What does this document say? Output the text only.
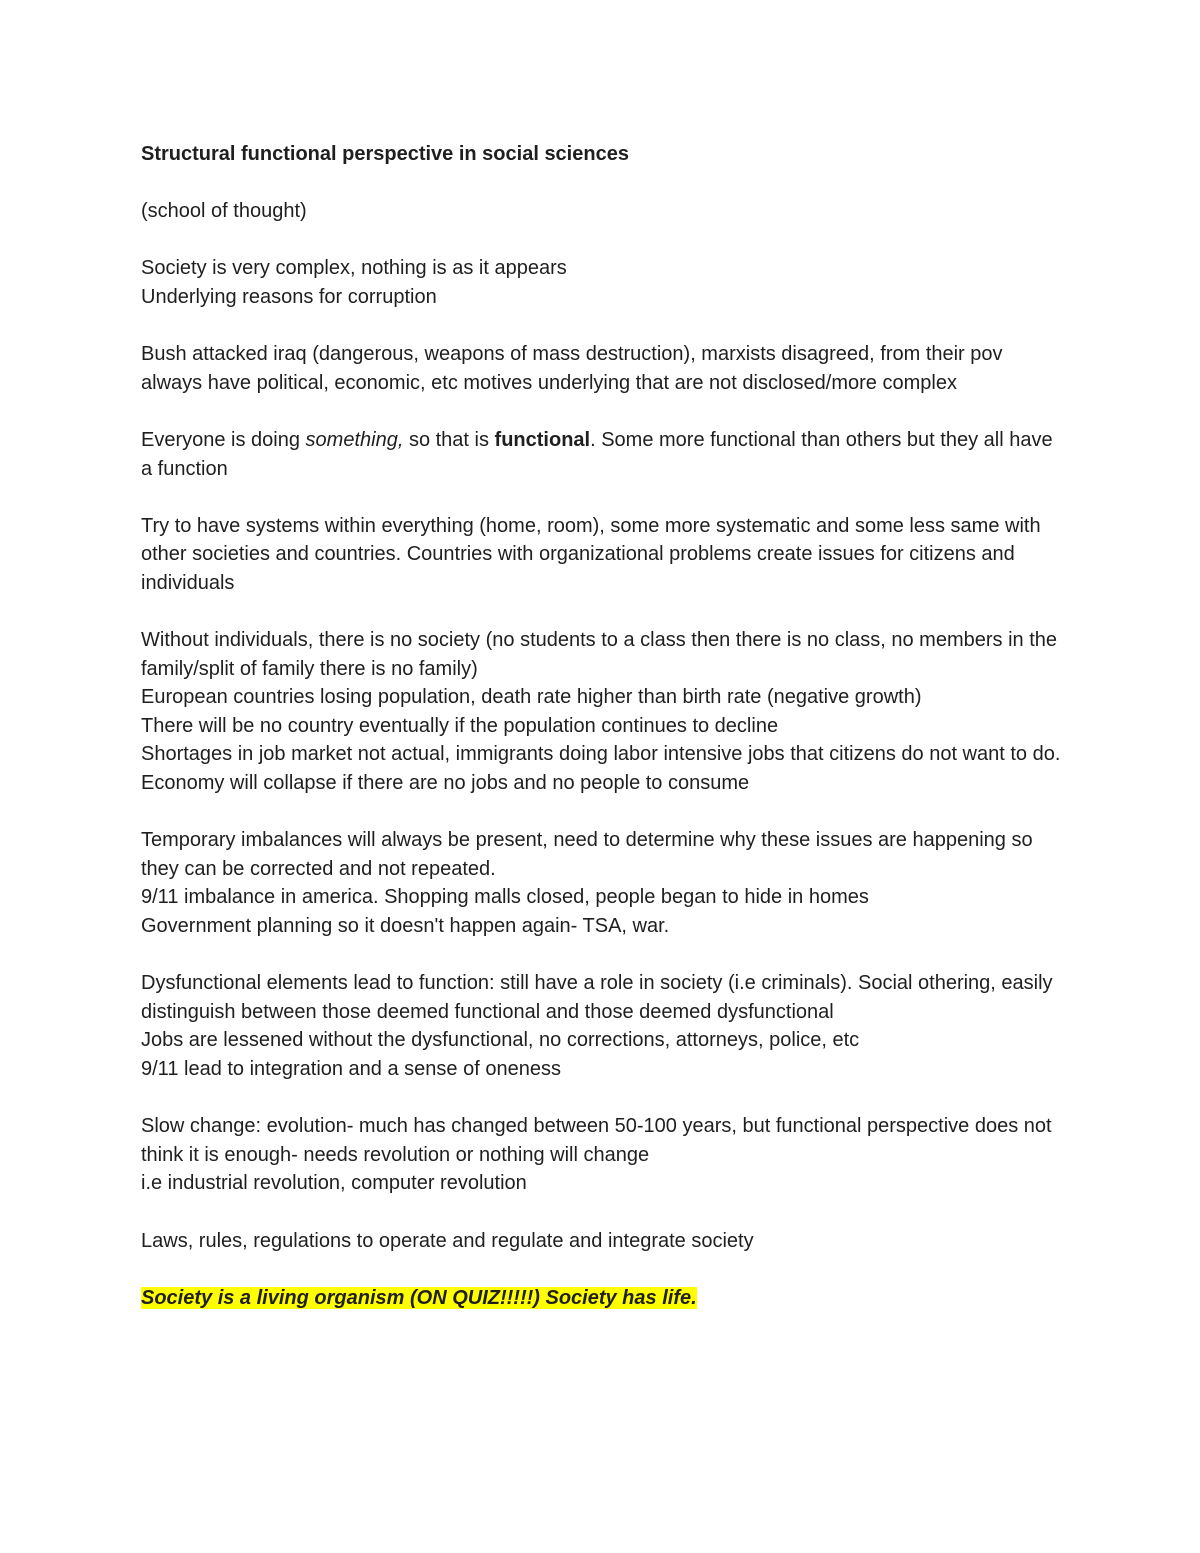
Structural functional perspective in social sciences

(school of thought)

Society is very complex, nothing is as it appears
Underlying reasons for corruption

Bush attacked iraq (dangerous, weapons of mass destruction), marxists disagreed, from their pov always have political, economic, etc motives underlying that are not disclosed/more complex

Everyone is doing something, so that is functional. Some more functional than others but they all have a function

Try to have systems within everything (home, room), some more systematic and some less same with other societies and countries. Countries with organizational problems create issues for citizens and individuals

Without individuals, there is no society (no students to a class then there is no class, no members in the family/split of family there is no family)
European countries losing population, death rate higher than birth rate (negative growth)
There will be no country eventually if the population continues to decline
Shortages in job market not actual, immigrants doing labor intensive jobs that citizens do not want to do. Economy will collapse if there are no jobs and no people to consume

Temporary imbalances will always be present, need to determine why these issues are happening so they can be corrected and not repeated.
9/11 imbalance in america. Shopping malls closed, people began to hide in homes
Government planning so it doesn't happen again- TSA, war.

Dysfunctional elements lead to function: still have a role in society (i.e criminals). Social othering, easily distinguish between those deemed functional and those deemed dysfunctional
Jobs are lessened without the dysfunctional, no corrections, attorneys, police, etc
9/11 lead to integration and a sense of oneness

Slow change: evolution- much has changed between 50-100 years, but functional perspective does not think it is enough- needs revolution or nothing will change
i.e industrial revolution, computer revolution

Laws, rules, regulations to operate and regulate and integrate society

Society is a living organism (ON QUIZ!!!!!) Society has life.
